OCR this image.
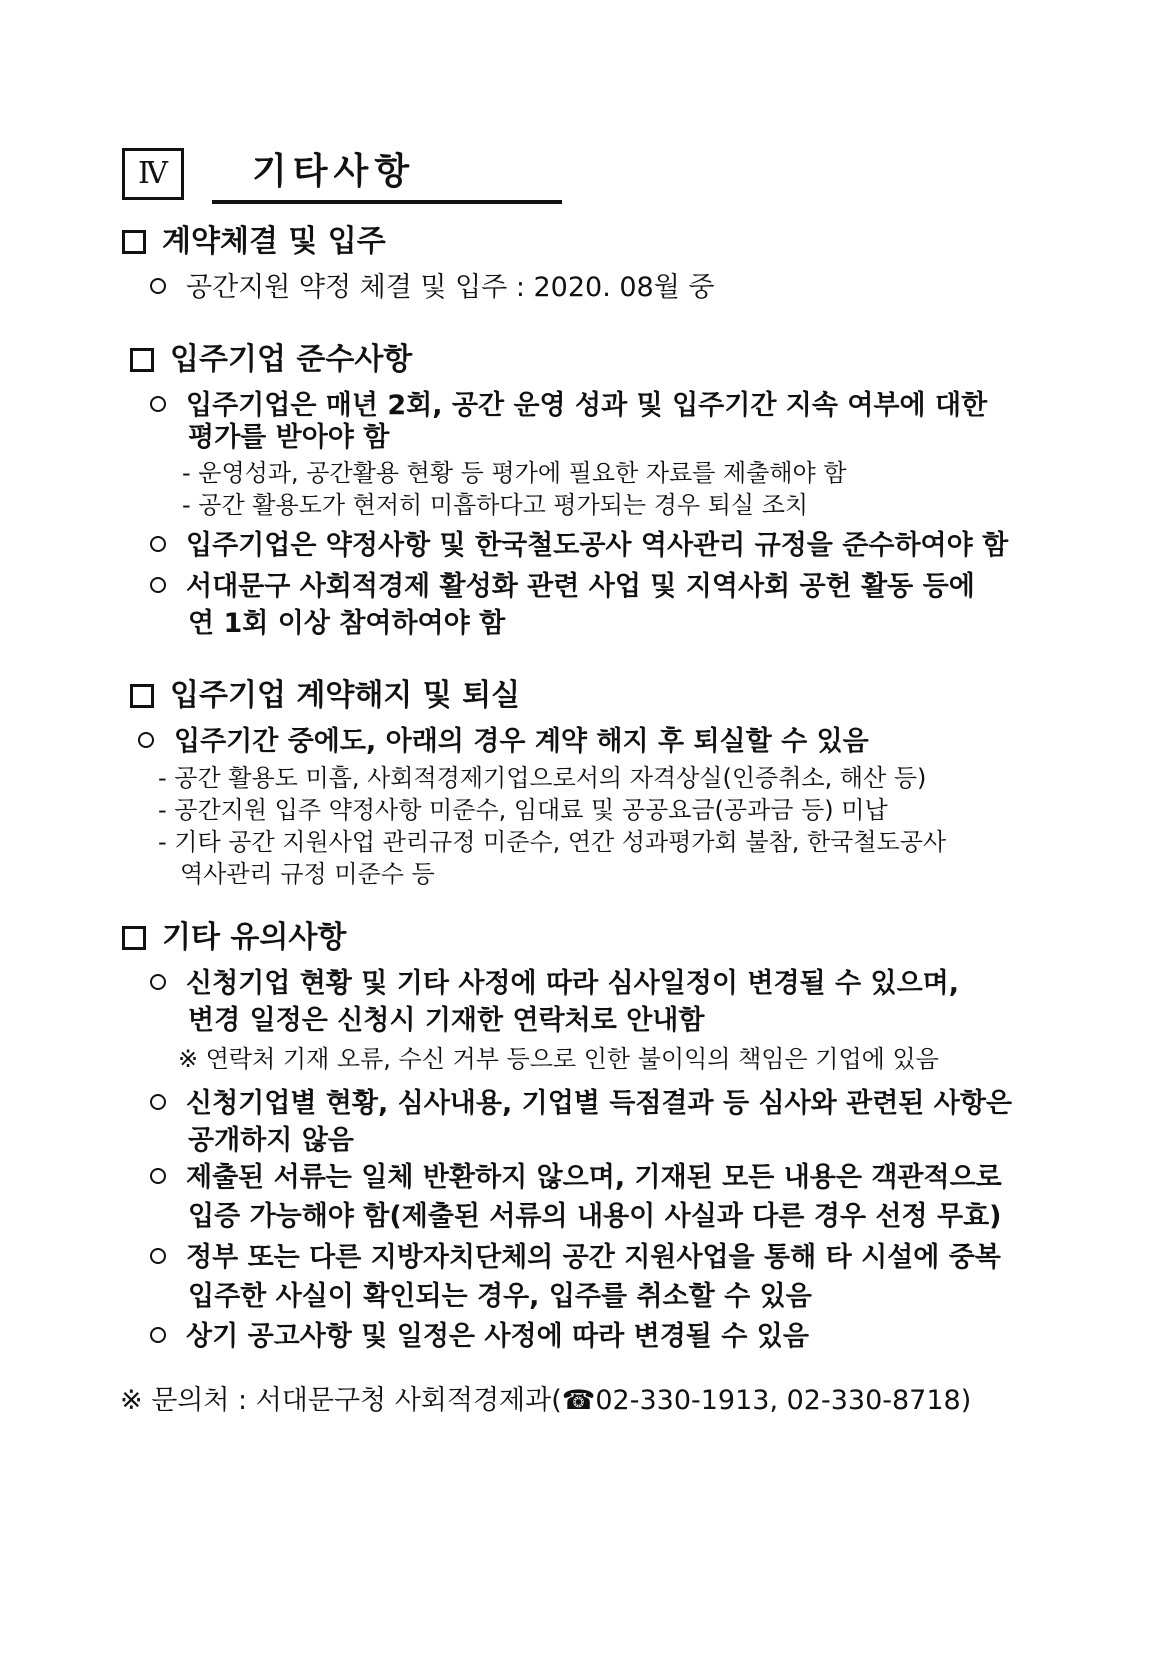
Ⅳ	기타사항
계약체결 및 입주
공간지원 약정 체결 및 입주 : 2020. 08월 중
입주기업 준수사항
입주기업은 매년 2회, 공간 운영 성과 및 입주기간 지속 여부에 대한
평가를 받아야 함
- 운영성과, 공간활용 현황 등 평가에 필요한 자료를 제출해야 함
- 공간 활용도가 현저히 미흡하다고 평가되는 경우 퇴실 조치
입주기업은 약정사항 및 한국철도공사 역사관리 규정을 준수하여야 함
서대문구 사회적경제 활성화 관련 사업 및 지역사회 공헌 활동 등에
연 1회 이상 참여하여야 함
입주기업 계약해지 및 퇴실
입주기간 중에도, 아래의 경우 계약 해지 후 퇴실할 수 있음
- 공간 활용도 미흡, 사회적경제기업으로서의 자격상실(인증취소, 해산 등)
- 공간지원 입주 약정사항 미준수, 임대료 및 공공요금(공과금 등) 미납
- 기타 공간 지원사업 관리규정 미준수, 연간 성과평가회 불참, 한국철도공사
역사관리 규정 미준수 등
기타 유의사항
신청기업 현황 및 기타 사정에 따라 심사일정이 변경될 수 있으며,
변경 일정은 신청시 기재한 연락처로 안내함
※ 연락처 기재 오류, 수신 거부 등으로 인한 불이익의 책임은 기업에 있음
신청기업별 현황, 심사내용, 기업별 득점결과 등 심사와 관련된 사항은
공개하지 않음
제출된 서류는 일체 반환하지 않으며, 기재된 모든 내용은 객관적으로
입증 가능해야 함(제출된 서류의 내용이 사실과 다른 경우 선정 무효)
정부 또는 다른 지방자치단체의 공간 지원사업을 통해 타 시설에 중복
입주한 사실이 확인되는 경우, 입주를 취소할 수 있음
상기 공고사항 및 일정은 사정에 따라 변경될 수 있음
※ 문의처 : 서대문구청 사회적경제과(☎02-330-1913, 02-330-8718)
